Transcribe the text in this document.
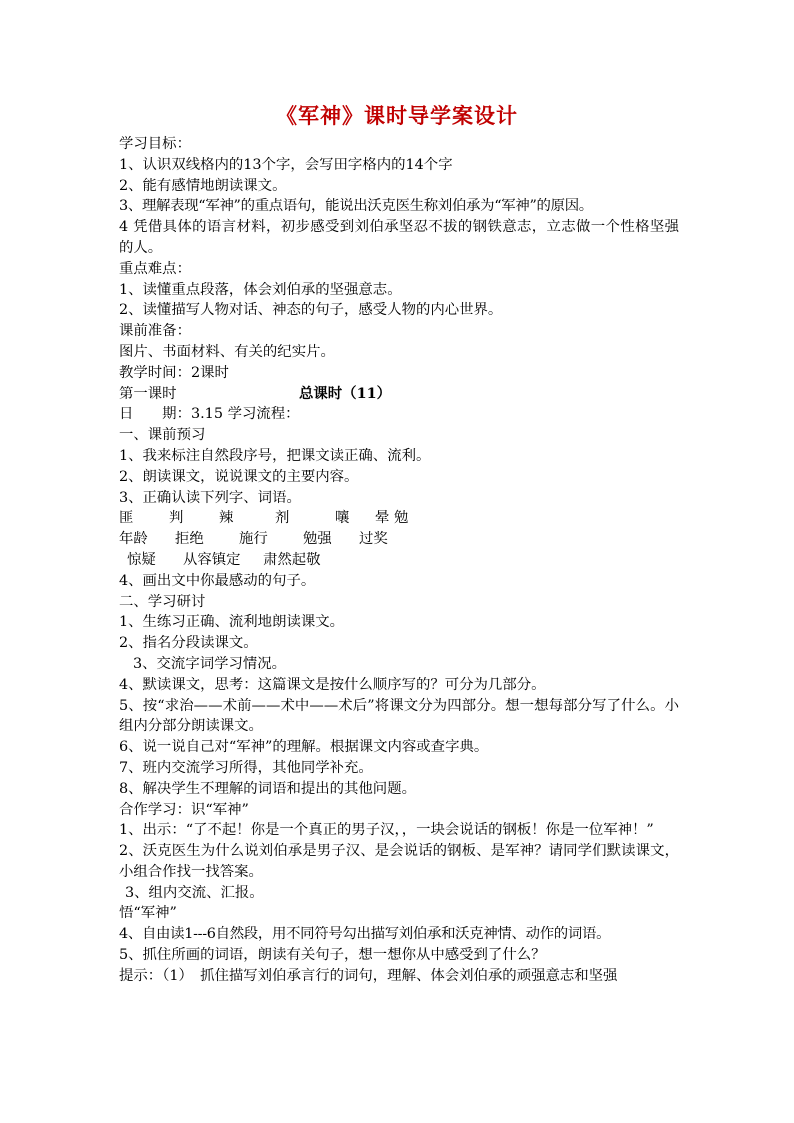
《军神》课时导学案设计
学习目标：
1、认识双线格内的13个字，会写田字格内的14个字
2、能有感情地朗读课文。
3、理解表现“军神”的重点语句，能说出沃克医生称刘伯承为“军神”的原因。
4 凭借具体的语言材料，初步感受到刘伯承坚忍不拔的钢铁意志，立志做一个性格坚强的人。
重点难点：
1、读懂重点段落，体会刘伯承的坚强意志。
2、读懂描写人物对话、神态的句子，感受人物的内心世界。
课前准备：
图片、书面材料、有关的纪实片。
教学时间：2课时
第一课时	总课时（11）
日　　期：3.15 学习流程：
一、课前预习
1、我来标注自然段序号，把课文读正确、流利。
2、朗读课文，说说课文的主要内容。
3、正确认读下列字、词语。
匪 判 辣	剂	嚷 晕 勉
年龄 拒绝 施行 勉强 过奖
惊疑 从容镇定 肃然起敬
4、画出文中你最感动的句子。
二、学习研讨
1、生练习正确、流利地朗读课文。
2、指名分段读课文。
3、交流字词学习情况。
4、默读课文，思考：这篇课文是按什么顺序写的？可分为几部分。
5、按“求治——术前——术中——术后”将课文分为四部分。想一想每部分写了什么。小组内分部分朗读课文。
6、说一说自己对“军神”的理解。根据课文内容或查字典。
7、班内交流学习所得，其他同学补充。
8、解决学生不理解的词语和提出的其他问题。
合作学习：识“军神”
1、出示：“了不起！你是一个真正的男子汉，，一块会说话的钢板！你是一位军神！”
2、沃克医生为什么说刘伯承是男子汉、是会说话的钢板、是军神？请同学们默读课文，小组合作找一找答案。
3、组内交流、汇报。
悟“军神”
4、自由读1---6自然段，用不同符号勾出描写刘伯承和沃克神情、动作的词语。
5、抓住所画的词语，朗读有关句子，想一想你从中感受到了什么？
提示：（1）　抓住描写刘伯承言行的词句，理解、体会刘伯承的顽强意志和坚强
